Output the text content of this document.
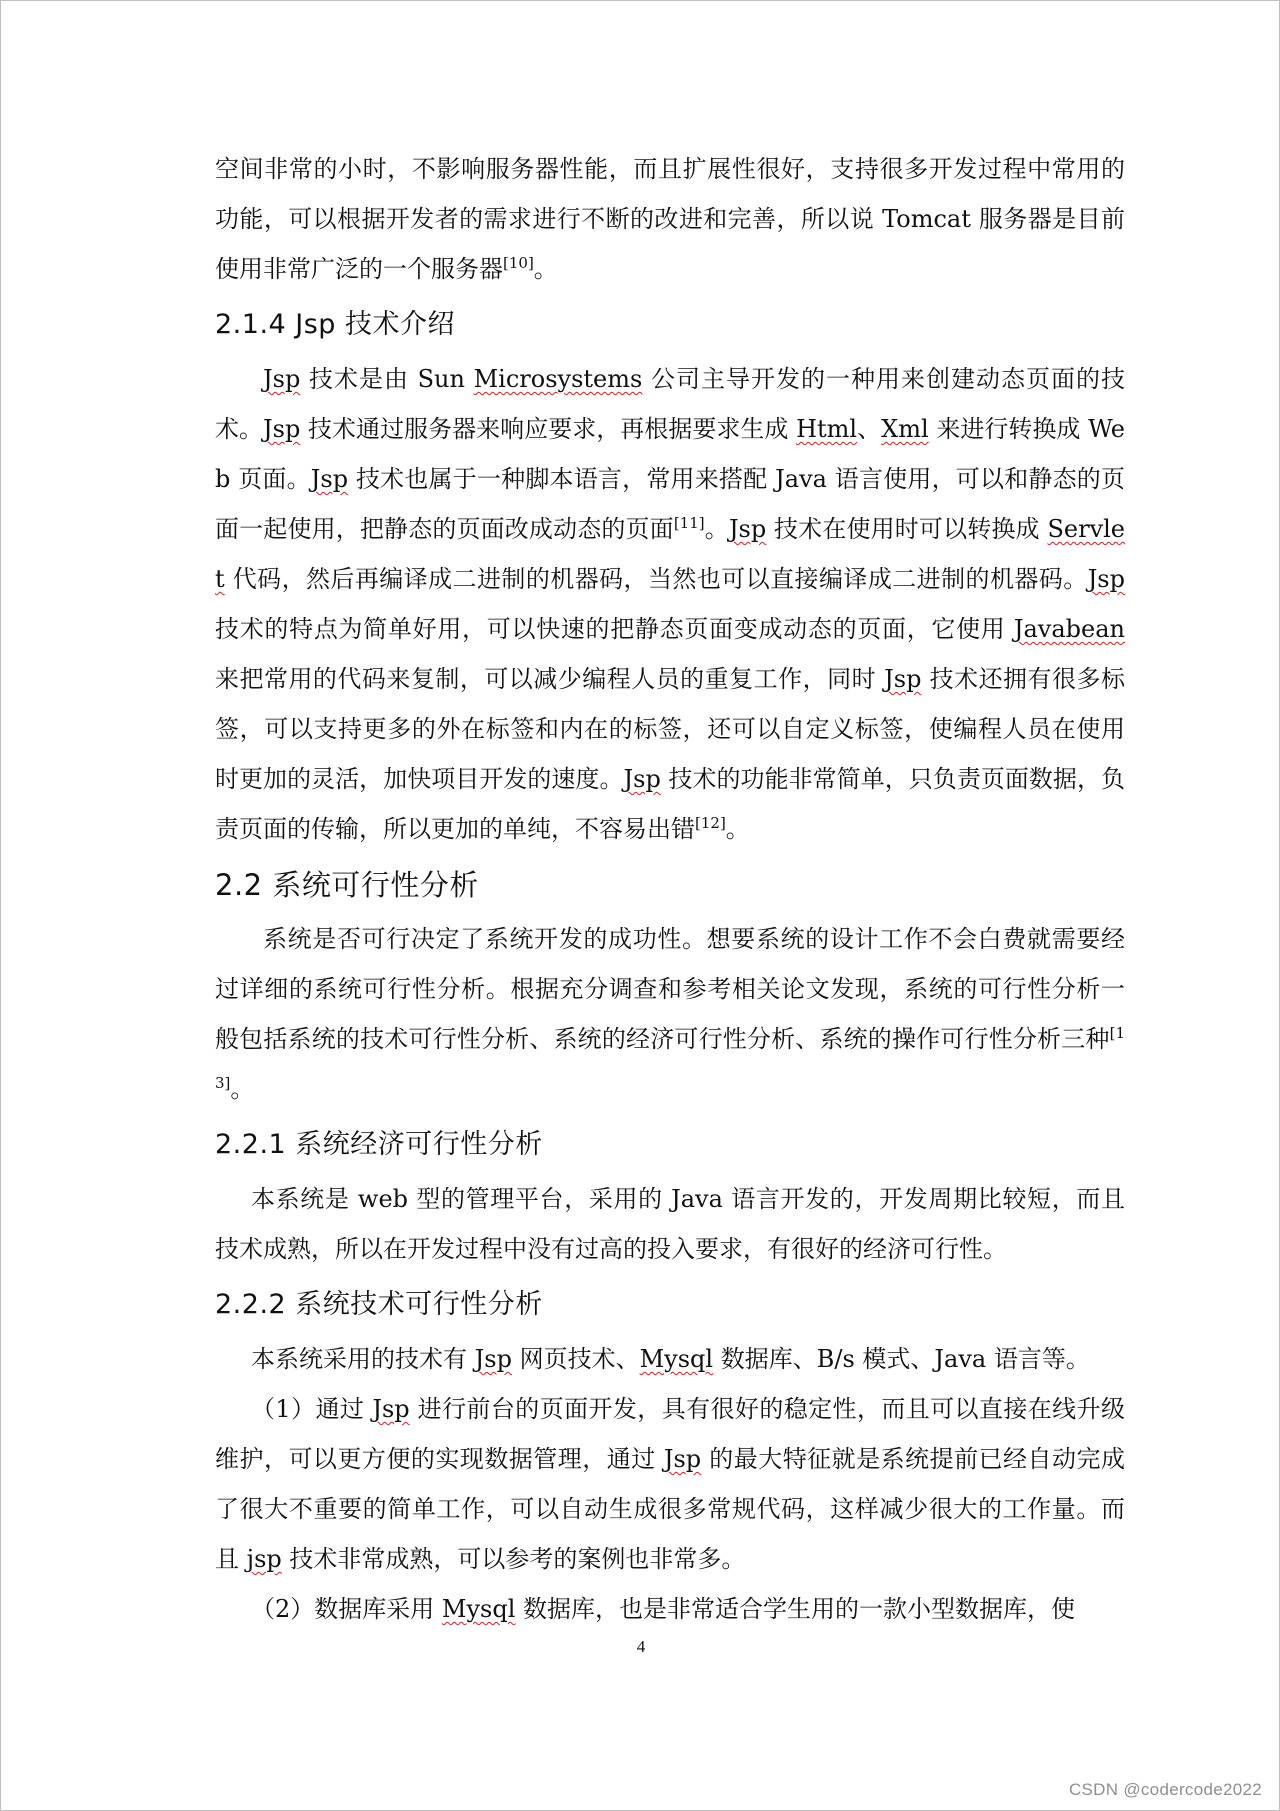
空间非常的小时，不影响服务器性能，而且扩展性很好，支持很多开发过程中常用的功能，可以根据开发者的需求进行不断的改进和完善，所以说 Tomcat 服务器是目前使用非常广泛的一个服务器[10]。

2.1.4 Jsp 技术介绍

Jsp 技术是由 Sun Microsystems 公司主导开发的一种用来创建动态页面的技术。Jsp 技术通过服务器来响应要求，再根据要求生成 Html、Xml 来进行转换成 Web 页面。Jsp 技术也属于一种脚本语言，常用来搭配 Java 语言使用，可以和静态的页面一起使用，把静态的页面改成动态的页面[11]。Jsp 技术在使用时可以转换成 Servlet 代码，然后再编译成二进制的机器码，当然也可以直接编译成二进制的机器码。Jsp 技术的特点为简单好用，可以快速的把静态页面变成动态的页面，它使用 Javabean 来把常用的代码来复制，可以减少编程人员的重复工作，同时 Jsp 技术还拥有很多标签，可以支持更多的外在标签和内在的标签，还可以自定义标签，使编程人员在使用时更加的灵活，加快项目开发的速度。Jsp 技术的功能非常简单，只负责页面数据，负责页面的传输，所以更加的单纯，不容易出错[12]。

2.2 系统可行性分析

系统是否可行决定了系统开发的成功性。想要系统的设计工作不会白费就需要经过详细的系统可行性分析。根据充分调查和参考相关论文发现，系统的可行性分析一般包括系统的技术可行性分析、系统的经济可行性分析、系统的操作可行性分析三种[13]。

2.2.1 系统经济可行性分析

本系统是 web 型的管理平台，采用的 Java 语言开发的，开发周期比较短，而且技术成熟，所以在开发过程中没有过高的投入要求，有很好的经济可行性。

2.2.2 系统技术可行性分析

本系统采用的技术有 Jsp 网页技术、Mysql 数据库、B/s 模式、Java 语言等。

（1）通过 Jsp 进行前台的页面开发，具有很好的稳定性，而且可以直接在线升级维护，可以更方便的实现数据管理，通过 Jsp 的最大特征就是系统提前已经自动完成了很大不重要的简单工作，可以自动生成很多常规代码，这样减少很大的工作量。而且 jsp 技术非常成熟，可以参考的案例也非常多。

（2）数据库采用 Mysql 数据库，也是非常适合学生用的一款小型数据库，使

4
CSDN @codercode2022
